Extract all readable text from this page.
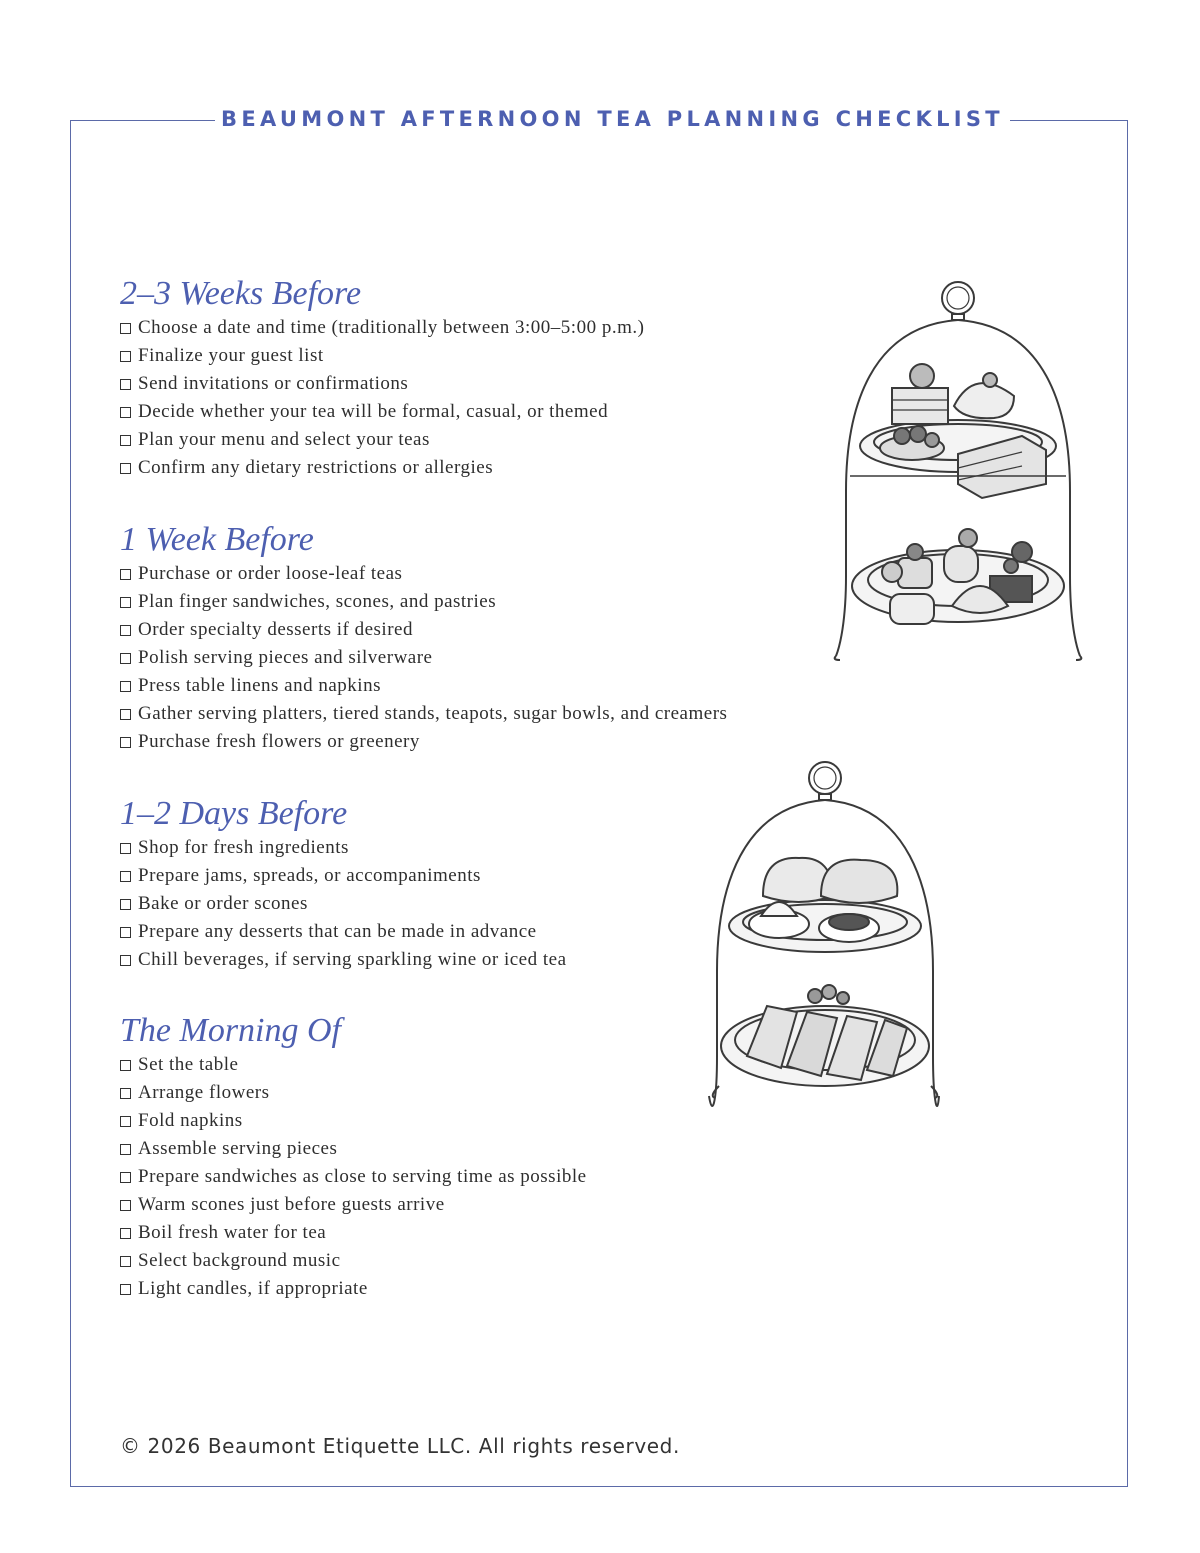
BEAUMONT AFTERNOON TEA PLANNING CHECKLIST
2–3 Weeks Before
Choose a date and time (traditionally between 3:00–5:00 p.m.)
Finalize your guest list
Send invitations or confirmations
Decide whether your tea will be formal, casual, or themed
Plan your menu and select your teas
Confirm any dietary restrictions or allergies
1 Week Before
Purchase or order loose-leaf teas
Plan finger sandwiches, scones, and pastries
Order specialty desserts if desired
Polish serving pieces and silverware
Press table linens and napkins
Gather serving platters, tiered stands, teapots, sugar bowls, and creamers
Purchase fresh flowers or greenery
1–2 Days Before
Shop for fresh ingredients
Prepare jams, spreads, or accompaniments
Bake or order scones
Prepare any desserts that can be made in advance
Chill beverages, if serving sparkling wine or iced tea
The Morning Of
Set the table
Arrange flowers
Fold napkins
Assemble serving pieces
Prepare sandwiches as close to serving time as possible
Warm scones just before guests arrive
Boil fresh water for tea
Select background music
Light candles, if appropriate
© 2026 Beaumont Etiquette LLC. All rights reserved.
